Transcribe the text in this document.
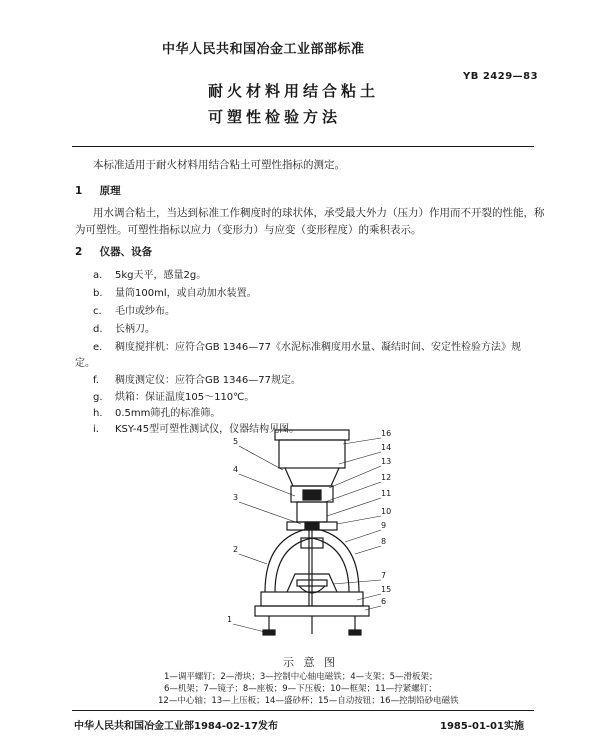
中华人民共和国冶金工业部部标准
YB 2429—83
耐火材料用结合粘土
可塑性检验方法
本标准适用于耐火材料用结合粘土可塑性指标的测定。
1 原理
用水调合粘土，当达到标准工作稠度时的球状体，承受最大外力（压力）作用而不开裂的性能，称
为可塑性。可塑性指标以应力（变形力）与应变（变形程度）的乘积表示。
2 仪器、设备
a. 5kg天平，感量2g。
b. 量筒100ml，或自动加水装置。
c. 毛巾或纱布。
d. 长柄刀。
e. 稠度搅拌机：应符合GB 1346—77《水泥标准稠度用水量、凝结时间、安定性检验方法》规
定。
f. 稠度测定仪：应符合GB 1346—77规定。
g. 烘箱：保证温度105～110℃。
h. 0.5mm筛孔的标准筛。
i. KSY-45型可塑性测试仪，仪器结构见图。
5
4
3
2
1
16
14
13
12
11
10
9
8
7
15
6
示 意 图
1—调平螺钉；2—滑块；3—控制中心轴电磁铁；4—支架；5—滑板架；
6—机架；7—镜子；8—座板；9—下压板；10—框架；11—拧紧螺钉；
12—中心轴；13—上压板；14—盛砂杯；15—自动按钮；16—控制铅砂电磁铁
中华人民共和国冶金工业部1984-02-17发布	1985-01-01实施
